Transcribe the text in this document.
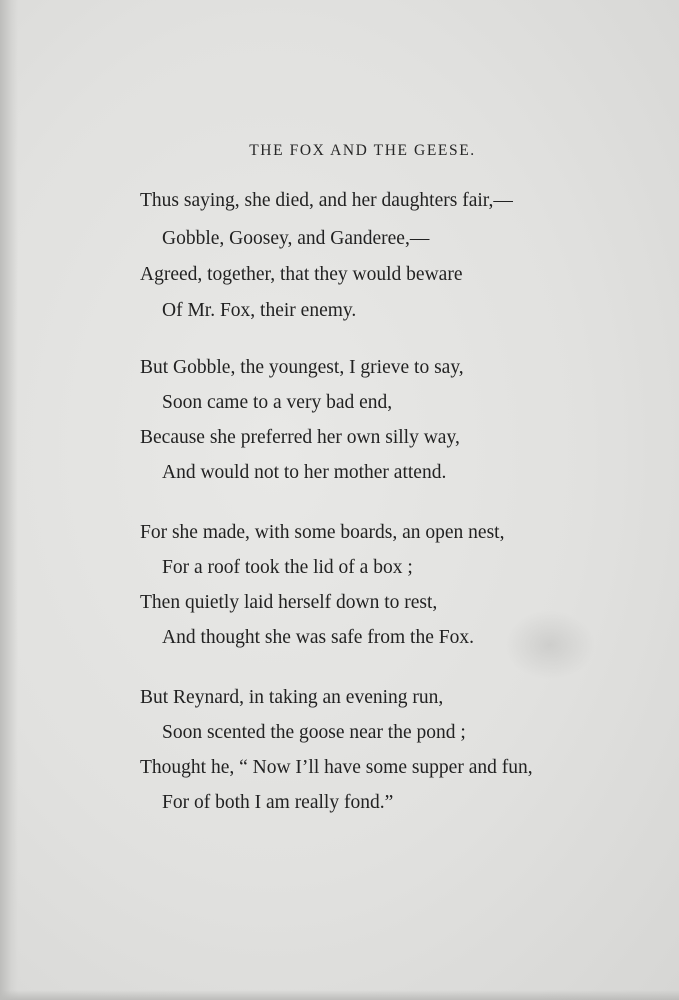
THE FOX AND THE GEESE.

Thus saying, she died, and her daughters fair,—

Gobble, Goosey, and Ganderee,—

Agreed, together, that they would beware

Of Mr. Fox, their enemy.

But Gobble, the youngest, I grieve to say,

Soon came to a very bad end,

Because she preferred her own silly way,

And would not to her mother attend.

For she made, with some boards, an open nest,

For a roof took the lid of a box ;

Then quietly laid herself down to rest,

And thought she was safe from the Fox.

But Reynard, in taking an evening run,

Soon scented the goose near the pond ;

Thought he, “ Now I’ll have some supper and fun,

For of both I am really fond.”
